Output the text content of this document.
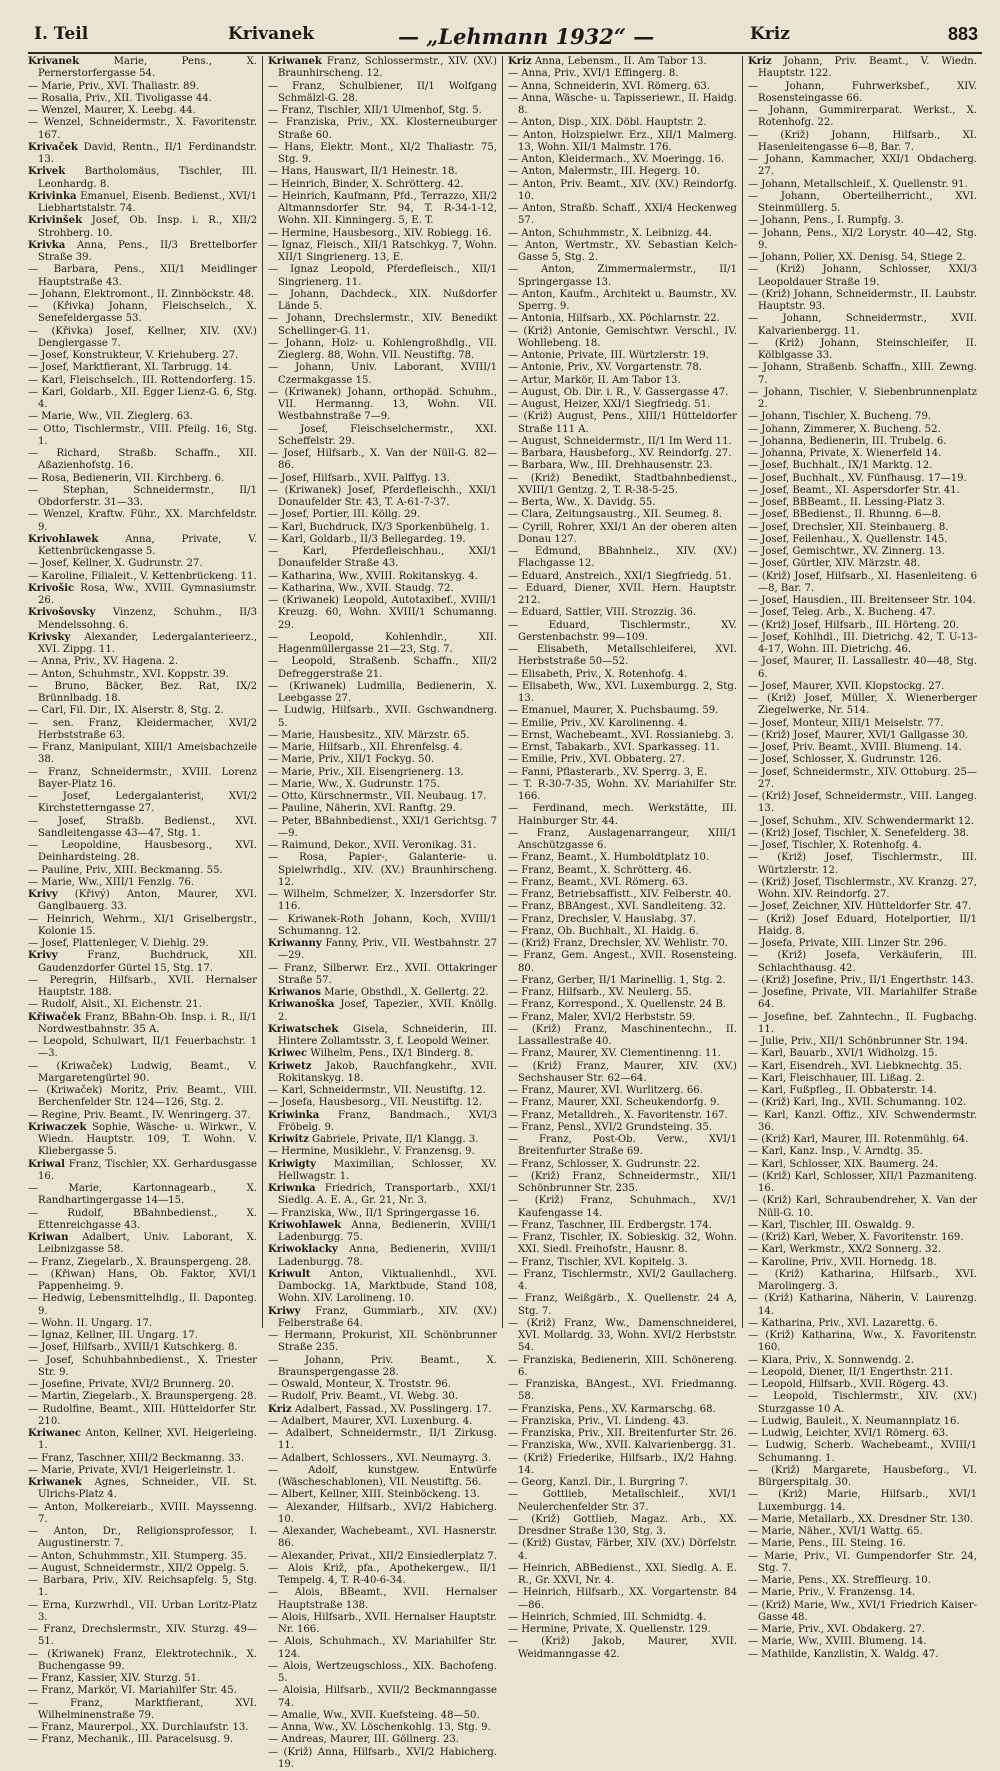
I. Teil	Krivanek	— „Lehmann 1932“ —	Kriz	883

Krivanek Marie, Pens., X. Pernerstorfergasse 54.

— Marie, Priv., XVI. Thaliastr. 89.

— Rosalia, Priv., XII. Tivoligasse 44.

— Wenzel, Maurer, X. Leebg. 44.

— Wenzel, Schneidermstr., X. Favoritenstr. 167.

Krivaček David, Rentn., II/1 Ferdinandstr. 13.

Krivek Bartholomäus, Tischler, III. Leonhardg. 8.

Krivinka Emanuel, Eisenb. Bedienst., XVI/1 Liebhartstalstr. 74.

Krivinšek Josef, Ob. Insp. i. R., XII/2 Strohberg. 10.

Krivka Anna, Pens., II/3 Brettelborfer Straße 39.

— Barbara, Pens., XII/1 Meidlinger Hauptstraße 43.

— Johann, Elektromont., II. Zinnböckstr. 48.

— (Křivka) Johann, Fleischselch., X. Senefeldergasse 53.

— (Křivka) Josef, Kellner, XIV. (XV.) Denglergasse 7.

— Josef, Konstrukteur, V. Kriehuberg. 27.

— Josef, Marktfierant, XI. Tarbrugg. 14.

— Karl, Fleischselch., III. Rottendorferg. 15.

— Karl, Goldarb., XII. Egger Lienz-G. 6, Stg. 4.

— Marie, Ww., VII. Zieglerg. 63.

— Otto, Tischlermstr., VIII. Pfeilg. 16, Stg. 1.

— Richard, Straßb. Schaffn., XII. Aßazienhofstg. 16.

— Rosa, Bedienerin, VII. Kirchberg. 6.

— Stephan, Schneidermstr., II/1 Obdorferstr. 31—33.

— Wenzel, Kraftw. Führ., XX. Marchfeldstr. 9.

Krivohlawek Anna, Private, V. Kettenbrückengasse 5.

— Josef, Kellner, X. Gudrunstr. 27.

— Karoline, Filialeit., V. Kettenbrückeng. 11.

Krivošic Rosa, Ww., XVIII. Gymnasiumstr. 26.

Krivošovsky Vinzenz, Schuhm., II/3 Mendelssohng. 6.

Krivsky Alexander, Ledergalanterieerz., XVI. Zippg. 11.

— Anna, Priv., XV. Hagena. 2.

— Anton, Schuhmstr., XVI. Koppstr. 39.

— Bruno, Bäcker, Bez. Rat, IX/2 Brünnlbadg. 18.

— Carl, Fil. Dir., IX. Alserstr. 8, Stg. 2.

— sen. Franz, Kleidermacher, XVI/2 Herbststraße 63.

— Franz, Manipulant, XIII/1 Ameisbachzeile 38.

— Franz, Schneidermstr., XVIII. Lorenz Bayer-Platz 16.

— Josef, Ledergalanterist, XVI/2 Kirchstetterngasse 27.

— Josef, Straßb. Bedienst., XVI. Sandleitengasse 43—47, Stg. 1.

— Leopoldine, Hausbesorg., XVI. Deinhardsteing. 28.

— Pauline, Priv., XIII. Beckmanng. 55.

— Marie, Ww., XIII/1 Fenzlg. 76.

Krivy (Křivý) Anton, Maurer, XVI. Ganglbauerg. 33.

— Heinrich, Wehrm., XI/1 Griselbergstr., Kolonie 15.

— Josef, Plattenleger, V. Diehlg. 29.

Krivy Franz, Buchdruck, XII. Gaudenzdorfer Gürtel 15, Stg. 17.

— Peregrin, Hilfsarb., XVII. Hernalser Hauptstr. 188.

— Rudolf, Alsit., XI. Eichenstr. 21.

Křiwaček Franz, BBahn-Ob. Insp. i. R., II/1 Nordwestbahnstr. 35 A.

— Leopold, Schulwart, II/1 Feuerbachstr. 1—3.

— (Kriwaček) Ludwig, Beamt., V. Margaretengürtel 90.

— (Kriwaček) Moritz, Priv. Beamt., VIII. Berchenfelder Str. 124—126, Stg. 2.

— Regine, Priv. Beamt., IV. Wenringerg. 37.

Kriwaczek Sophie, Wäsche- u. Wirkwr., V. Wiedn. Hauptstr. 109, T. Wohn. V. Kliebergasse 5.

Kriwal Franz, Tischler, XX. Gerhardusgasse 16.

— Marie, Kartonnagearb., X. Randhartingergasse 14—15.

— Rudolf, BBahnbedienst., X. Ettenreichgasse 43.

Kriwan Adalbert, Univ. Laborant, X. Leibnizgasse 58.

— Franz, Ziegelarb., X. Braunspergeng. 28.

— (Křiwan) Hans, Ob. Faktor, XVI/1 Pappenheimg. 9.

— Hedwig, Lebensmittelhdlg., II. Daponteg. 9.

— Wohn. II. Ungarg. 17.

— Ignaz, Kellner, III. Ungarg. 17.

— Josef, Hilfsarb., XVIII/1 Kutschkerg. 8.

— Josef, Schuhbahnbedienst., X. Triester Str. 9.

— Josefine, Private, XVI/2 Brunnerg. 20.

— Martin, Ziegelarb., X. Braunspergeng. 28.

— Rudolfine, Beamt., XIII. Hütteldorfer Str. 210.

Kriwanec Anton, Kellner, XVI. Heigerleing. 1.

— Franz, Taschner, XIII/2 Beckmanng. 33.

— Marie, Private, XVI/1 Heigerleinstr. 1.

Kriwanek Agnes, Schneider., VII. St. Ulrichs-Platz 4.

— Anton, Molkereiarb., XVIII. Mayssenng. 7.

— Anton, Dr., Religionsprofessor, I. Augustinerstr. 7.

— Anton, Schuhmmstr., XII. Stumperg. 35.

— August, Schneidermstr., XII/2 Oppelg. 5.

— Barbara, Priv., XIV. Reichsapfelg. 5, Stg. 1.

— Erna, Kurzwrhdl., VII. Urban Loritz-Platz 3.

— Franz, Drechslermstr., XIV. Sturzg. 49—51.

— (Kriwanek) Franz, Elektrotechnik., X. Buchengasse 99.

— Franz, Kassier, XIV. Sturzg. 51.

— Franz, Markör, VI. Mariahilfer Str. 45.

— Franz, Marktfierant, XVI. Wilhelminenstraße 79.

— Franz, Maurerpol., XX. Durchlaufstr. 13.

— Franz, Mechanik., III. Paracelsusg. 9.

Kriwanek Franz, Schlossermstr., XIV. (XV.) Braunhirscheng. 12.

— Franz, Schulbiener, II/1 Wolfgang Schmälzl-G. 28.

— Franz, Tischler, XII/1 Ulmenhof, Stg. 5.

— Franziska, Priv., XX. Klosterneuburger Straße 60.

— Hans, Elektr. Mont., XI/2 Thaliastr. 75, Stg. 9.

— Hans, Hauswart, II/1 Heinestr. 18.

— Heinrich, Binder, X. Schrötterg. 42.

— Heinrich, Kaufmann, Pfd., Terrazzo, XII/2 Altmannsdorfer Str. 94, T. R-34-1-12, Wohn. XII. Kinningerg. 5, E. T.

— Hermine, Hausbesorg., XIV. Robiegg. 16.

— Ignaz, Fleisch., XII/1 Ratschkyg. 7, Wohn. XII/1 Singrienerg. 13, E.

— Ignaz Leopold, Pferdefleisch., XII/1 Singrienerg. 11.

— Johann, Dachdeck., XIX. Nußdorfer Lände 5.

— Johann, Drechslermstr., XIV. Benedikt Schellinger-G. 11.

— Johann, Holz- u. Kohlengroßhdlg., VII. Zieglerg. 88, Wohn. VII. Neustiftg. 78.

— Johann, Univ. Laborant, XVIII/1 Czermakgasse 15.

— (Kriwanek) Johann, orthopäd. Schuhm., VII. Hermanng. 13, Wohn. VII. Westbahnstraße 7—9.

— Josef, Fleischselchermstr., XXI. Scheffelstr. 29.

— Josef, Hilfsarb., X. Van der Nüll-G. 82—86.

— Josef, Hilfsarb., XVII. Palffyg. 13.

— (Kriwanek) Josef, Pferdefleischh., XXI/1 Donaufelder Str. 43, T. A-61-7-37.

— Josef, Portier, III. Köllg. 29.

— Karl, Buchdruck, IX/3 Sporkenbühelg. 1.

— Karl, Goldarb., II/3 Bellegardeg. 19.

— Karl, Pferdefleischhau., XXI/1 Donaufelder Straße 43.

— Katharina, Ww., XVIII. Rokitanskyg. 4.

— Katharina, Ww., XVII. Staudg. 72.

— (Kriwanek) Leopold, Autotaxibef., XVIII/1 Kreuzg. 60, Wohn. XVIII/1 Schumanng. 29.

— Leopold, Kohlenhdlr., XII. Hagenmüllergasse 21—23, Stg. 7.

— Leopold, Straßenb. Schaffn., XII/2 Defreggerstraße 21.

— (Kriwanek) Ludmilla, Bedienerin, X. Leebgasse 27.

— Ludwig, Hilfsarb., XVII. Gschwandnerg. 5.

— Marie, Hausbesitz., XIV. Märzstr. 65.

— Marie, Hilfsarb., XII. Ehrenfelsg. 4.

— Marie, Priv., XII/1 Fockyg. 50.

— Marie, Priv., XII. Eisengrienerg. 13.

— Marie, Ww., X. Gudrunstr. 175.

— Otto, Kürschnermstr., VII. Neubaug. 17.

— Pauline, Näherin, XVI. Ranftg. 29.

— Peter, BBahnbedienst., XXI/1 Gerichtsg. 7—9.

— Raimund, Dekor., XVII. Veronikag. 31.

— Rosa, Papier-, Galanterie- u. Spielwrhdlg., XIV. (XV.) Braunhirscheng. 12.

— Wilhelm, Schmelzer, X. Inzersdorfer Str. 116.

— Kriwanek-Roth Johann, Koch, XVIII/1 Schumanng. 12.

Kriwanny Fanny, Priv., VII. Westbahnstr. 27—29.

— Franz, Silberwr. Erz., XVII. Ottakringer Straße 57.

Kriwanos Marie, Obsthdl., X. Gellertg. 22.

Kriwanoška Josef, Tapezier., XVII. Knöllg. 2.

Kriwatschek Gisela, Schneiderin, III. Hintere Zollamtsstr. 3, f. Leopold Weiner.

Kriwec Wilhelm, Pens., IX/1 Binderg. 8.

Kriwetz Jakob, Rauchfangkehr., XVII. Rokitanskyg. 18.

— Karl, Schneidermstr., VII. Neustiftg. 12.

— Josefa, Hausbesorg., VII. Neustiftg. 12.

Kriwinka Franz, Bandmach., XVI/3 Fröbelg. 9.

Kriwitz Gabriele, Private, II/1 Klangg. 3.

— Hermine, Musiklehr., V. Franzensg. 9.

Kriwigty Maximilian, Schlosser, XV. Hellwagstr. 1.

Kriwnka Friedrich, Transportarb., XXI/1 Siedlg. A. E. A., Gr. 21, Nr. 3.

— Franziska, Ww., II/1 Springergasse 16.

Kriwohlawek Anna, Bedienerin, XVIII/1 Ladenburgg. 75.

Kriwoklacky Anna, Bedienerin, XVIII/1 Ladenburgg. 78.

Kriwult Anton, Viktualienhdl., XVI. Dambockg. 1A, Marktbude, Stand 108, Wohn. XIV. Larolineng. 10.

Kriwy Franz, Gummiarb., XIV. (XV.) Felberstraße 64.

— Hermann, Prokurist, XII. Schönbrunner Straße 235.

— Johann, Priv. Beamt., X. Braunspergengasse 28.

— Oswald, Monteur, X. Troststr. 96.

— Rudolf, Priv. Beamt., VI. Webg. 30.

Kriz Adalbert, Fassad., XV. Posslingerg. 17.

— Adalbert, Maurer, XVI. Luxenburg. 4.

— Adalbert, Schneidermstr., II/1 Zirkusg. 11.

— Adalbert, Schlossers., XVI. Neumayrg. 3.

— Adolf, kunstgew. Entwürfe (Wäscheschablonen), VII. Neustiftg. 56.

— Albert, Kellner, XIII. Steinböckeng. 13.

— Alexander, Hilfsarb., XVI/2 Habicherg. 10.

— Alexander, Wachebeamt., XVI. Hasnerstr. 86.

— Alexander, Privat., XII/2 Einsiedlerplatz 7.

— Alois Križ, pfa., Apothekergew., II/1 Tempelg. 4, T. R-40-6-34.

— Alois, BBeamt., XVII. Hernalser Hauptstraße 138.

— Alois, Hilfsarb., XVII. Hernalser Hauptstr. Nr. 166.

— Alois, Schuhmach., XV. Mariahilfer Str. 124.

— Alois, Wertzeugschloss., XIX. Bachofeng. 5.

— Aloisia, Hilfsarb., XVII/2 Beckmanngasse 74.

— Amalie, Ww., XVII. Kuefsteing. 48—50.

— Anna, Ww., XV. Löschenkohlg. 13, Stg. 9.

— Andreas, Maurer, III. Göllnerg. 23.

— (Križ) Anna, Hilfsarb., XVI/2 Habicherg. 19.

Kriz Anna, Lebensm., II. Am Tabor 13.

— Anna, Priv., XVI/1 Effingerg. 8.

— Anna, Schneiderin, XVI. Römerg. 63.

— Anna, Wäsche- u. Tapisseriewr., II. Haidg. 8.

— Anton, Disp., XIX. Döbl. Hauptstr. 2.

— Anton, Holzspielwr. Erz., XII/1 Malmerg. 13, Wohn. XII/1 Malmstr. 176.

— Anton, Kleidermach., XV. Moeringg. 16.

— Anton, Malermstr., III. Hegerg. 10.

— Anton, Priv. Beamt., XIV. (XV.) Reindorfg. 10.

— Anton, Straßb. Schaff., XXI/4 Heckenweg 57.

— Anton, Schuhmmstr., X. Leibnizg. 44.

— Anton, Wertmstr., XV. Sebastian Kelch-Gasse 5, Stg. 2.

— Anton, Zimmermalermstr., II/1 Springergasse 13.

— Anton, Kaufm., Architekt u. Baumstr., XV. Sperrg. 9.

— Antonia, Hilfsarb., XX. Pöchlarnstr. 22.

— (Križ) Antonie, Gemischtwr. Verschl., IV. Wohllebeng. 18.

— Antonie, Private, III. Würtzlerstr. 19.

— Antonie, Priv., XV. Vorgartenstr. 78.

— Artur, Markör, II. Am Tabor 13.

— August, Ob. Dir. i. R., V. Gassergasse 47.

— August, Heizer, XXI/1 Siegfriedg. 51.

— (Križ) August, Pens., XIII/1 Hütteldorfer Straße 111 A.

— August, Schneidermstr., II/1 Im Werd 11.

— Barbara, Hausbeforg., XV. Reindorfg. 27.

— Barbara, Ww., III. Drehhausenstr. 23.

— (Križ) Benedikt, Stadtbahnbedienst., XVIII/1 Gentzg. 2, T. R-38-5-25.

— Berta, Ww., X. Davidg. 55.

— Clara, Zeitungsaustrg., XII. Seumeg. 8.

— Cyrill, Rohrer, XXI/1 An der oberen alten Donau 127.

— Edmund, BBahnheiz., XIV. (XV.) Flachgasse 12.

— Eduard, Anstreich., XXI/1 Siegfriedg. 51.

— Eduard, Diener, XVII. Hern. Hauptstr. 212.

— Eduard, Sattler, VIII. Strozzig. 36.

— Eduard, Tischlermstr., XV. Gerstenbachstr. 99—109.

— Elisabeth, Metallschleiferei, XVI. Herbststraße 50—52.

— Elisabeth, Priv., X. Rotenhofg. 4.

— Elisabeth, Ww., XVI. Luxemburgg. 2, Stg. 13.

— Emanuel, Maurer, X. Puchsbaumg. 59.

— Emilie, Priv., XV. Karolinenng. 4.

— Ernst, Wachebeamt., XVI. Rossianiebg. 3.

— Ernst, Tabakarb., XVI. Sparkasseg. 11.

— Emilie, Priv., XVI. Obbaterg. 27.

— Fanni, Pflasterarb., XV. Sperrg. 3, E.

— T. R-30-7-35, Wohn. XV. Mariahilfer Str. 166.

— Ferdinand, mech. Werkstätte, III. Hainburger Str. 44.

— Franz, Auslagenarrangeur, XIII/1 Anschützgasse 6.

— Franz, Beamt., X. Humboldtplatz 10.

— Franz, Beamt., X. Schrötterg. 46.

— Franz, Beamt., XVI. Römerg. 63.

— Franz, Betriebsaffistt., XIV. Felberstr. 40.

— Franz, BBAngest., XVI. Sandleiteng. 32.

— Franz, Drechsler, V. Hauslabg. 37.

— Franz, Ob. Buchhalt., XI. Haidg. 6.

— (Križ) Franz, Drechsler, XV. Wehlistr. 70.

— Franz, Gem. Angest., XVII. Rosensteing. 80.

— Franz, Gerber, II/1 Marinellig. 1, Stg. 2.

— Franz, Hilfsarb., XV. Neulerg. 55.

— Franz, Korrespond., X. Quellenstr. 24 B.

— Franz, Maler, XVI/2 Herbststr. 59.

— (Križ) Franz, Maschinentechn., II. Lassallestraße 40.

— Franz, Maurer, XV. Clementinenng. 11.

— (Križ) Franz, Maurer, XIV. (XV.) Sechshauser Str. 62—64.

— Franz, Maurer, XVI. Wurlitzerg. 66.

— Franz, Maurer, XXI. Scheukendorfg. 9.

— Franz, Metalldreh., X. Favoritenstr. 167.

— Franz, Pensl., XVI/2 Grundsteing. 35.

— Franz, Post-Ob. Verw., XVI/1 Breitenfurter Straße 69.

— Franz, Schlosser, X. Gudrunstr. 22.

— (Križ) Franz, Schneidermstr., XII/1 Schönbrunner Str. 235.

— (Križ) Franz, Schuhmach., XV/1 Kaufengasse 14.

— Franz, Taschner, III. Erdbergstr. 174.

— Franz, Tischler, IX. Sobieskig. 32, Wohn. XXI. Siedl. Freihofstr., Hausnr. 8.

— Franz, Tischler, XVI. Kopitelg. 3.

— Franz, Tischlermstr., XVI/2 Gaullacherg. 4.

— Franz, Weißgärb., X. Quellenstr. 24 A, Stg. 7.

— (Križ) Franz, Ww., Damenschneiderei, XVI. Mollardg. 33, Wohn. XVI/2 Herbststr. 54.

— Franziska, Bedienerin, XIII. Schönereng. 6.

— Franziska, BAngest., XVI. Friedmanng. 58.

— Franziska, Pens., XV. Karmarschg. 68.

— Franziska, Priv., VI. Lindeng. 43.

— Franziska, Priv., XII. Breitenfurter Str. 26.

— Franziska, Ww., XVII. Kalvarienbergg. 31.

— (Križ) Friederike, Hilfsarb., IX/2 Hahng. 14.

— Georg, Kanzl. Dir., I. Burgring 7.

— Gottlieb, Metallschleif., XVI/1 Neulerchenfelder Str. 37.

— (Križ) Gottlieb, Magaz. Arb., XX. Dresdner Straße 130, Stg. 3.

— (Križ) Gustav, Färber, XIV. (XV.) Dörfelstr. 4.

— Heinrich, ABBedienst., XXI. Siedlg. A. E. R., Gr. XXVI, Nr. 4.

— Heinrich, Hilfsarb., XX. Vorgartenstr. 84—86.

— Heinrich, Schmied, III. Schmidtg. 4.

— Hermine, Private, X. Quellenstr. 129.

— (Križ) Jakob, Maurer, XVII. Weidmanngasse 42.

Kriz Johann, Priv. Beamt., V. Wiedn. Hauptstr. 122.

— Johann, Fuhrwerksbef., XIV. Rosensteingasse 66.

— Johann, Gummirerparat. Werkst., X. Rotenhofg. 22.

— (Križ) Johann, Hilfsarb., XI. Hasenleitengasse 6—8, Bar. 7.

— Johann, Kammacher, XXI/1 Obdacherg. 27.

— Johann, Metallschleif., X. Quellenstr. 91.

— Johann, Oberteilherricht., XVI. Steinmüllerg. 5.

— Johann, Pens., I. Rumpfg. 3.

— Johann, Pens., XI/2 Lorystr. 40—42, Stg. 9.

— Johann, Polier, XX. Denisg. 54, Stiege 2.

— (Križ) Johann, Schlosser, XXI/3 Leopoldauer Straße 19.

— (Križ) Johann, Schneidermstr., II. Laubstr. Hauptstr. 93.

— Johann, Schneidermstr., XVII. Kalvarienbergg. 11.

— (Križ) Johann, Steinschleifer, II. Kölblgasse 33.

— Johann, Straßenb. Schaffn., XIII. Zewng. 7.

— Johann, Tischler, V. Siebenbrunnenplatz 2.

— Johann, Tischler, X. Bucheng. 79.

— Johann, Zimmerer, X. Bucheng. 52.

— Johanna, Bedienerin, III. Trubelg. 6.

— Johanna, Private, X. Wienerfeld 14.

— Josef, Buchhalt., IX/1 Marktg. 12.

— Josef, Buchhalt., XV. Fünfhausg. 17—19.

— Josef, Beamt., XI. Aspersdorfer Str. 41.

— Josef, BBBeamt., II. Lessing-Platz 3.

— Josef, BBedienst., II. Rhunng. 6—8.

— Josef, Drechsler, XII. Steinbauerg. 8.

— Josef, Feilenhau., X. Quellenstr. 145.

— Josef, Gemischtwr., XV. Zinnerg. 13.

— Josef, Gürtler, XIV. Märzstr. 48.

— (Križ) Josef, Hilfsarb., XI. Hasenleiteng. 6—8, Bar. 7.

— Josef, Hausdien., III. Breitenseer Str. 104.

— Josef, Teleg. Arb., X. Bucheng. 47.

— (Križ) Josef, Hilfsarb., III. Hörteng. 20.

— Josef, Kohlhdl., III. Dietrichg. 42, T. U-13-4-17, Wohn. III. Dietrichg. 46.

— Josef, Maurer, II. Lassallestr. 40—48, Stg. 6.

— Josef, Maurer, XVII. Klopstockg. 27.

— (Križ) Josef, Müller, X. Wienerberger Ziegelwerke, Nr. 514.

— Josef, Monteur, XIII/1 Meiselstr. 77.

— (Križ) Josef, Maurer, XVI/1 Gallgasse 30.

— Josef, Priv. Beamt., XVIII. Blumeng. 14.

— Josef, Schlosser, X. Gudrunstr. 126.

— Josef, Schneidermstr., XIV. Ottoburg. 25—27.

— (Križ) Josef, Schneidermstr., VIII. Langeg. 13.

— Josef, Schuhm., XIV. Schwendermarkt 12.

— (Križ) Josef, Tischler, X. Senefelderg. 38.

— Josef, Tischler, X. Rotenhofg. 4.

— (Križ) Josef, Tischlermstr., III. Würtzlerstr. 12.

— (Križ) Josef, Tischlermstr., XV. Kranzg. 27, Wohn. XIV. Reindorfg. 27.

— Josef, Zeichner, XIV. Hütteldorfer Str. 47.

— (Križ) Josef Eduard, Hotelportier, II/1 Haidg. 8.

— Josefa, Private, XIII. Linzer Str. 296.

— (Križ) Josefa, Verkäuferin, III. Schlachthausg. 42.

— (Križ) Josefine, Priv., II/1 Engerthstr. 143.

— Josefine, Private, VII. Mariahilfer Straße 64.

— Josefine, bef. Zahntechn., II. Fugbachg. 11.

— Julie, Priv., XII/1 Schönbrunner Str. 194.

— Karl, Bauarb., XVI/1 Widholzg. 15.

— Karl, Eisendreh., XVI. Liebknechtg. 35.

— Karl, Fleischhauer, III. Lißag. 2.

— Karl, Fußpfleg., II. Obbaterstr. 14.

— (Križ) Karl, Ing., XVII. Schumanng. 102.

— Karl, Kanzl. Offiz., XIV. Schwendermstr. 36.

— (Križ) Karl, Maurer, III. Rotenmühlg. 64.

— Karl, Kanz. Insp., V. Arndtg. 35.

— Karl, Schlosser, XIX. Baumerg. 24.

— (Križ) Karl, Schlosser, XII/1 Pazmaniteng. 16.

— (Križ) Karl, Schraubendreher, X. Van der Nüll-G. 10.

— Karl, Tischler, III. Oswaldg. 9.

— (Križ) Karl, Weber, X. Favoritenstr. 169.

— Karl, Werkmstr., XX/2 Sonnerg. 32.

— Karoline, Priv., XVII. Hornedg. 18.

— (Križ) Katharina, Hilfsarb., XVI. Marolingerg. 3.

— (Križ) Katharina, Näherin, V. Laurenzg. 14.

— Katharina, Priv., XVI. Lazarettg. 6.

— (Križ) Katharina, Ww., X. Favoritenstr. 160.

— Klara, Priv., X. Sonnwendg. 2.

— Leopold, Diener, II/1 Engerthstr. 211.

— Leopold, Hilfsarb., XVII. Rögerg. 43.

— Leopold, Tischlermstr., XIV. (XV.) Sturzgasse 10 A.

— Ludwig, Bauleit., X. Neumannplatz 16.

— Ludwig, Leichter, XVI/1 Römerg. 63.

— Ludwig, Scherb. Wachebeamt., XVIII/1 Schumanng. 1.

— (Križ) Margarete, Hausbeforg., VI. Bürgerspitalg. 30.

— (Križ) Marie, Hilfsarb., XVI/1 Luxemburgg. 14.

— Marie, Metallarb., XX. Dresdner Str. 130.

— Marie, Näher., XVI/1 Wattg. 65.

— Marie, Pens., III. Steing. 16.

— Marie, Priv., VI. Gumpendorfer Str. 24, Stg. 7.

— Marie, Pens., XX. Streffleurg. 10.

— Marie, Priv., V. Franzensg. 14.

— (Križ) Marie, Ww., XVI/1 Friedrich Kaiser-Gasse 48.

— Marie, Priv., XVI. Obdakerg. 27.

— Marie, Ww., XVIII. Blumeng. 14.

— Mathilde, Kanzlistin, X. Waldg. 47.
